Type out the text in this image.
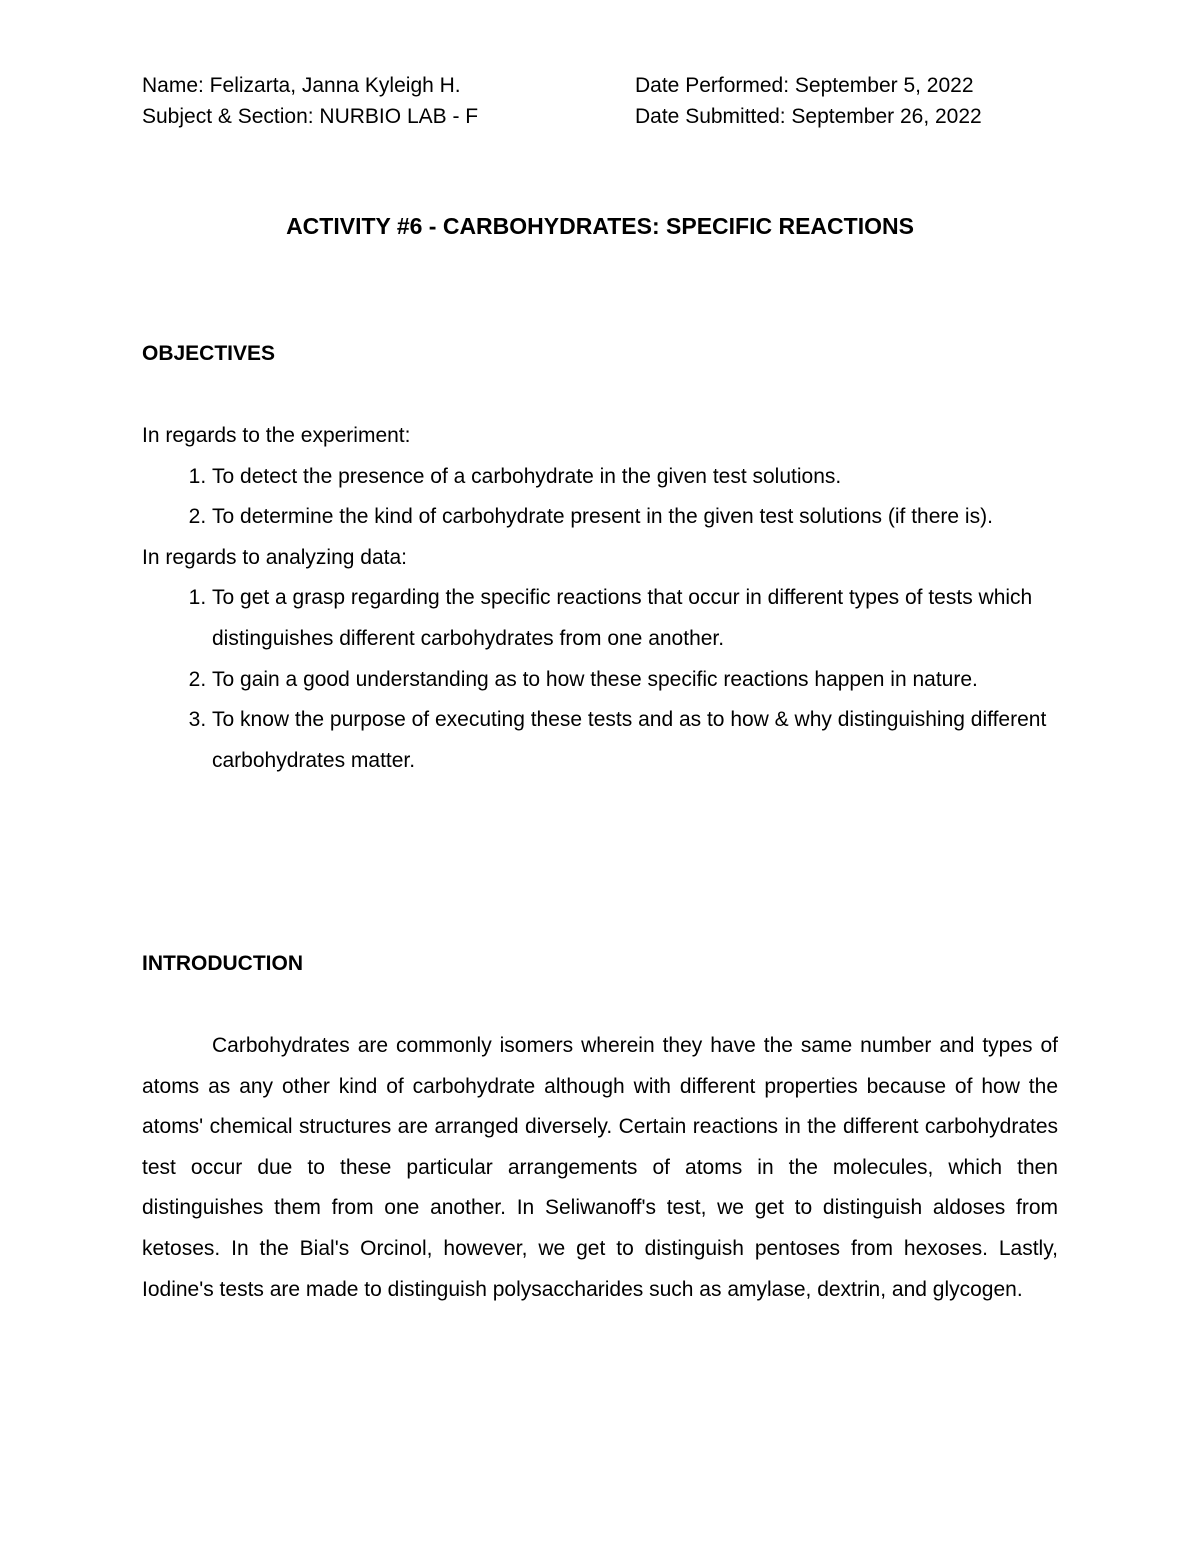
Name: Felizarta, Janna Kyleigh H.	Date Performed: September 5, 2022
Subject & Section: NURBIO LAB - F	Date Submitted: September 26, 2022
ACTIVITY #6 - CARBOHYDRATES: SPECIFIC REACTIONS
OBJECTIVES
In regards to the experiment:
1. To detect the presence of a carbohydrate in the given test solutions.
2. To determine the kind of carbohydrate present in the given test solutions (if there is).
In regards to analyzing data:
1. To get a grasp regarding the specific reactions that occur in different types of tests which distinguishes different carbohydrates from one another.
2. To gain a good understanding as to how these specific reactions happen in nature.
3. To know the purpose of executing these tests and as to how & why distinguishing different carbohydrates matter.
INTRODUCTION
Carbohydrates are commonly isomers wherein they have the same number and types of atoms as any other kind of carbohydrate although with different properties because of how the atoms' chemical structures are arranged diversely. Certain reactions in the different carbohydrates test occur due to these particular arrangements of atoms in the molecules, which then distinguishes them from one another. In Seliwanoff's test, we get to distinguish aldoses from ketoses. In the Bial's Orcinol, however, we get to distinguish pentoses from hexoses. Lastly, Iodine's tests are made to distinguish polysaccharides such as amylase, dextrin, and glycogen.
